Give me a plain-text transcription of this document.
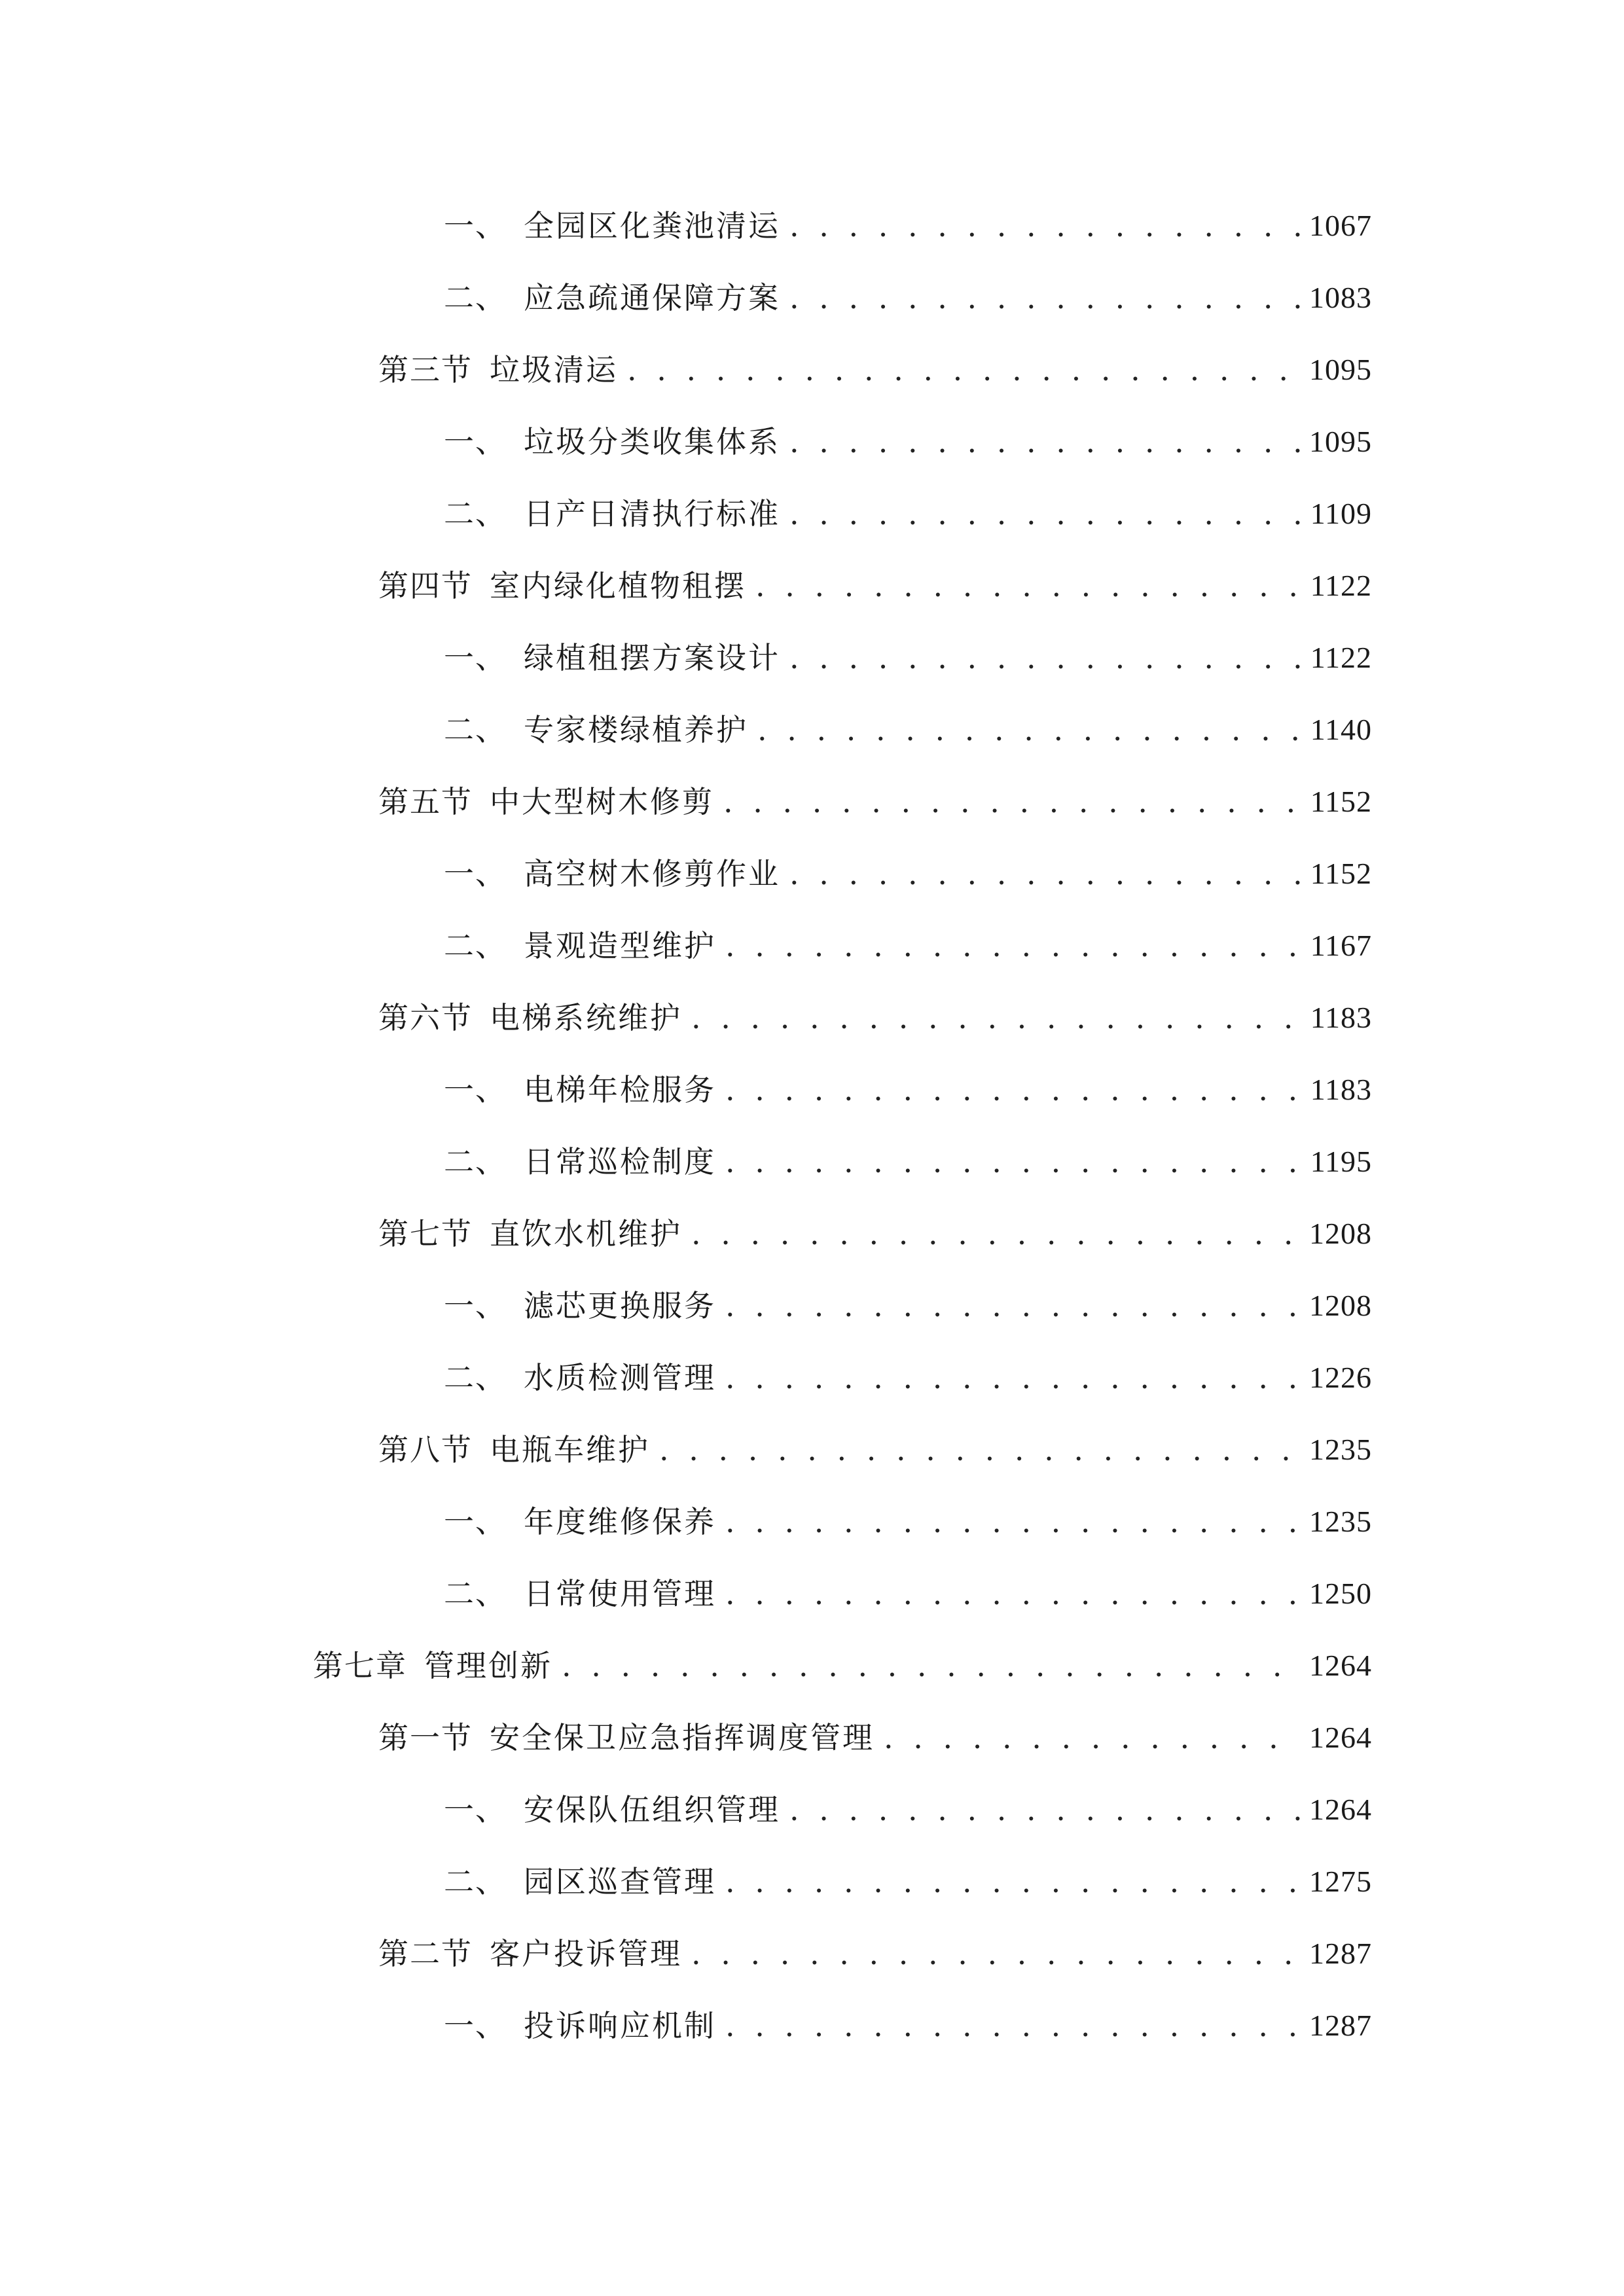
一、 全园区化粪池清运 . . .	1067
二、 应急疏通保障方案 . . .	1083
第三节 垃圾清运 . . .	1095
一、 垃圾分类收集体系 . . .	1095
二、 日产日清执行标准 . . .	1109
第四节 室内绿化植物租摆 . . .	1122
一、 绿植租摆方案设计 . . .	1122
二、 专家楼绿植养护 . . .	1140
第五节 中大型树木修剪 . . .	1152
一、 高空树木修剪作业 . . .	1152
二、 景观造型维护 . . .	1167
第六节 电梯系统维护 . . .	1183
一、 电梯年检服务 . . .	1183
二、 日常巡检制度 . . .	1195
第七节 直饮水机维护 . . .	1208
一、 滤芯更换服务 . . .	1208
二、 水质检测管理 . . .	1226
第八节 电瓶车维护 . . .	1235
一、 年度维修保养 . . .	1235
二、 日常使用管理 . . .	1250
第七章 管理创新 . . .	1264
第一节 安全保卫应急指挥调度管理 . . .	1264
一、 安保队伍组织管理 . . .	1264
二、 园区巡查管理 . . .	1275
第二节 客户投诉管理 . . .	1287
一、 投诉响应机制 . . .	1287
